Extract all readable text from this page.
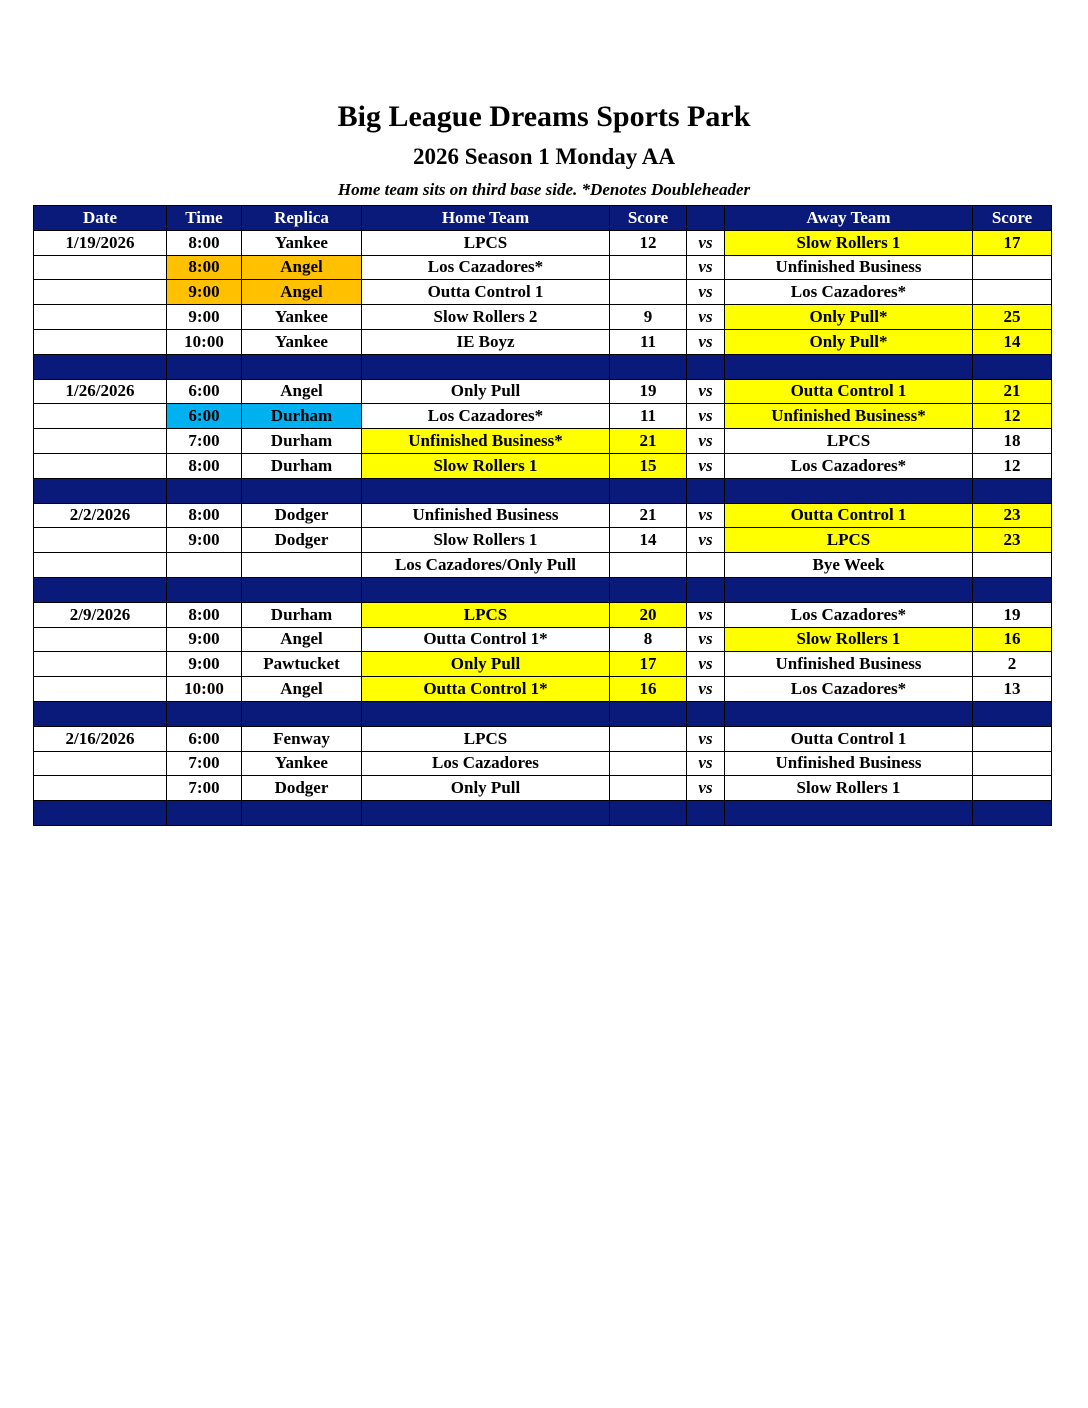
Big League Dreams Sports Park
2026 Season 1 Monday AA
Home team sits on third base side. *Denotes Doubleheader
Date	Time	Replica	Home Team	Score		Away Team	Score
1/19/2026	8:00	Yankee	LPCS	12	vs	Slow Rollers 1	17
	8:00	Angel	Los Cazadores*		vs	Unfinished Business	
	9:00	Angel	Outta Control 1		vs	Los Cazadores*	
	9:00	Yankee	Slow Rollers 2	9	vs	Only Pull*	25
	10:00	Yankee	IE Boyz	11	vs	Only Pull*	14

1/26/2026	6:00	Angel	Only Pull	19	vs	Outta Control 1	21
	6:00	Durham	Los Cazadores*	11	vs	Unfinished Business*	12
	7:00	Durham	Unfinished Business*	21	vs	LPCS	18
	8:00	Durham	Slow Rollers 1	15	vs	Los Cazadores*	12

2/2/2026	8:00	Dodger	Unfinished Business	21	vs	Outta Control 1	23
	9:00	Dodger	Slow Rollers 1	14	vs	LPCS	23
			Los Cazadores/Only Pull			Bye Week	

2/9/2026	8:00	Durham	LPCS	20	vs	Los Cazadores*	19
	9:00	Angel	Outta Control 1*	8	vs	Slow Rollers 1	16
	9:00	Pawtucket	Only Pull	17	vs	Unfinished Business	2
	10:00	Angel	Outta Control 1*	16	vs	Los Cazadores*	13

2/16/2026	6:00	Fenway	LPCS		vs	Outta Control 1	
	7:00	Yankee	Los Cazadores		vs	Unfinished Business	
	7:00	Dodger	Only Pull		vs	Slow Rollers 1	
